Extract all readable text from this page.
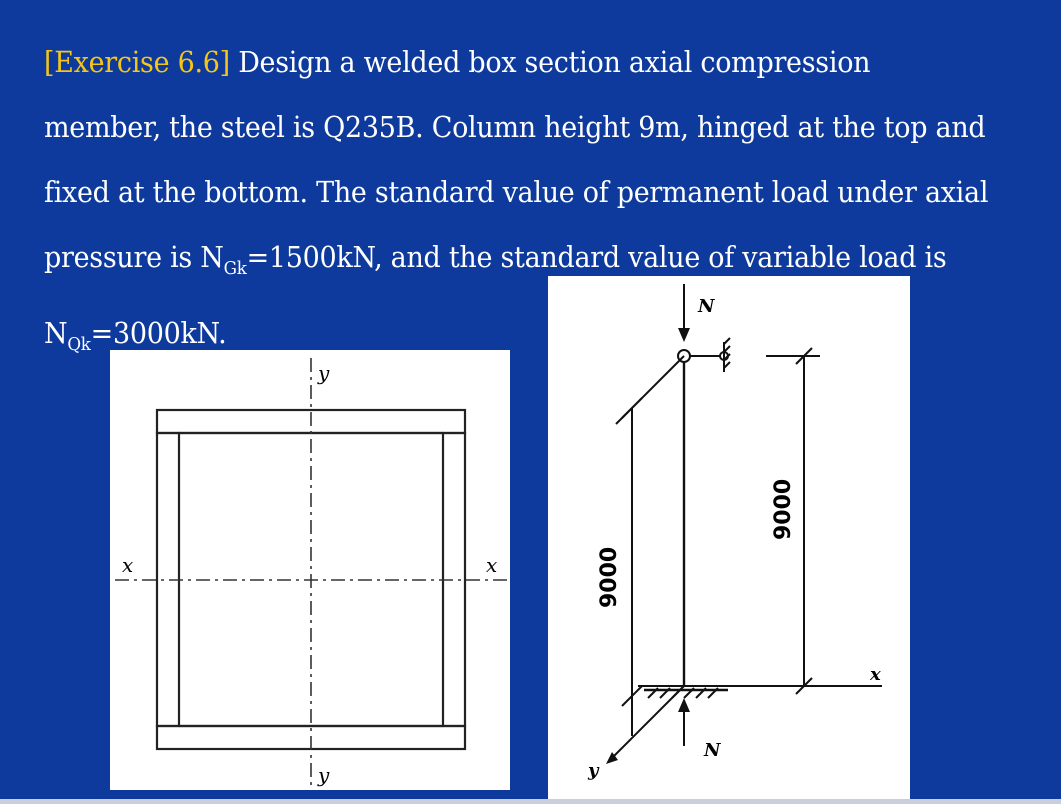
[Exercise 6.6] Design a welded box section axial compression

member, the steel is Q235B. Column height 9m, hinged at the top and

fixed at the bottom. The standard value of permanent load under axial

pressure is $N_{Gk}=1500kN$, and the standard value of variable load is

$N_{Qk}=3000kN$.

y
y
x	x
N
N
9000
9000
x
y
